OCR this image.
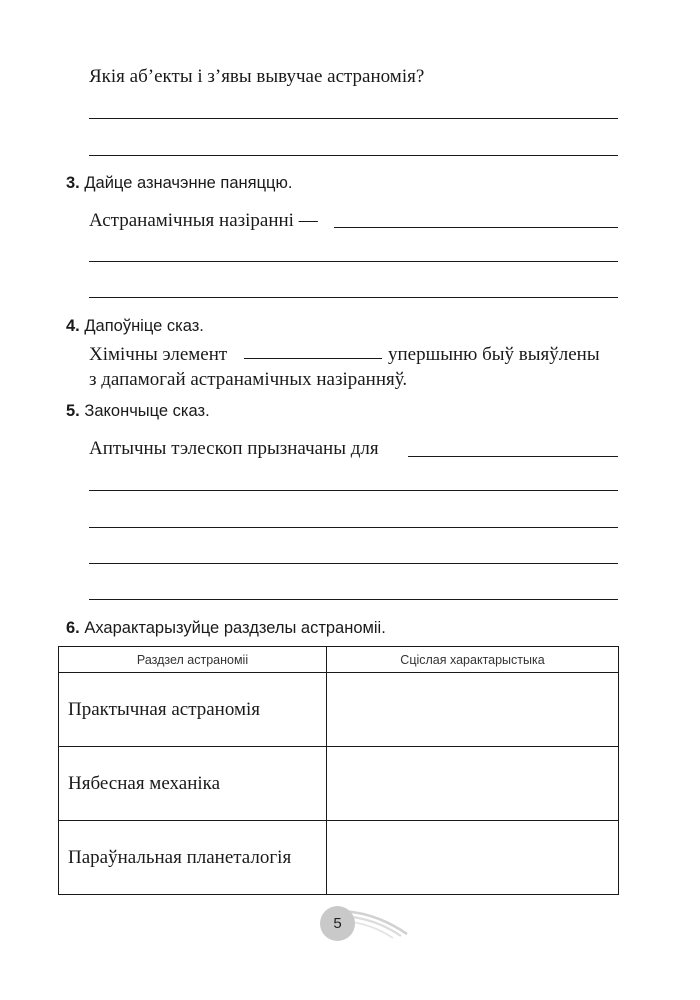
Якія аб’екты і з’явы вывучае астраномія?
3. Дайце азначэнне паняццю.
Астранамічныя назіранні —
4. Дапоўніце сказ.
Хімічны элемент	упершыню быў выяўлены
з дапамогай астранамічных назіранняў.
5. Закончыце сказ.
Аптычны тэлескоп прызначаны для
6. Ахарактарызуйце раздзелы астраноміі.
Раздзел астраноміі	Сціслая характарыстыка
Практычная астраномія	
Нябесная механіка	
Параўнальная планеталогія	
5
